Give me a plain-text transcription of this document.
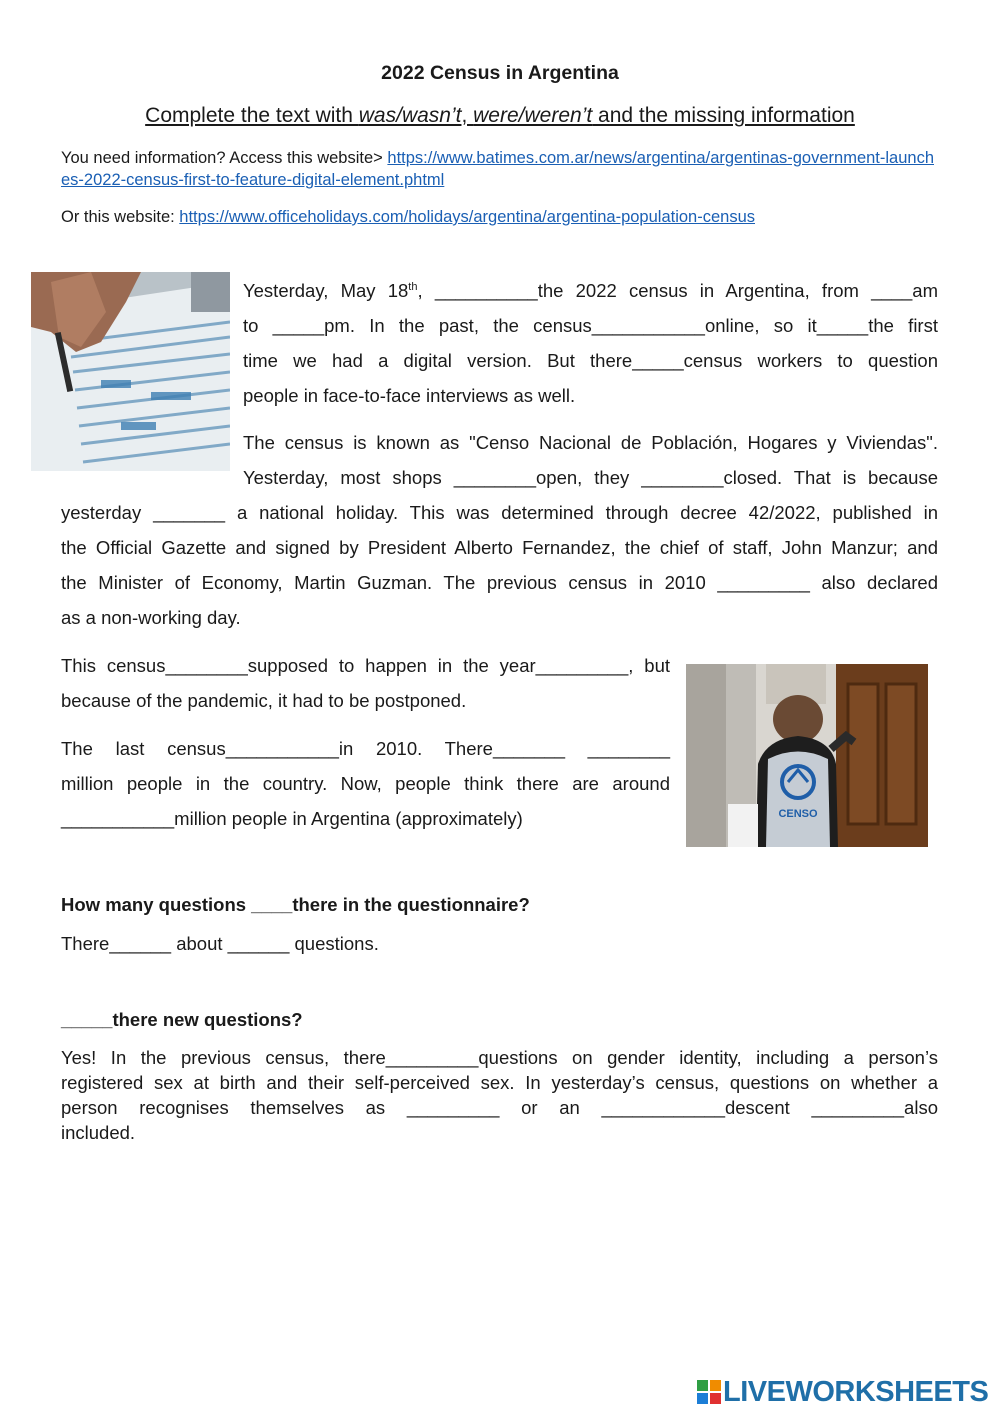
2022 Census in Argentina
Complete the text with was/wasn’t, were/weren’t and the missing information
You need information? Access this website> https://www.batimes.com.ar/news/argentina/argentinas-government-launches-2022-census-first-to-feature-digital-element.phtml
Or this website: https://www.officeholidays.com/holidays/argentina/argentina-population-census
Yesterday, May 18th, __________the 2022 census in Argentina, from ____am
to _____pm. In the past, the census___________online, so it_____the first
time we had a digital version. But there_____census workers to question
people in face-to-face interviews as well.
The census is known as "Censo Nacional de Población, Hogares y Viviendas".
Yesterday, most shops ________open, they ________closed. That is because
yesterday _______ a national holiday. This was determined through decree 42/2022, published in
the Official Gazette and signed by President Alberto Fernandez, the chief of staff, John Manzur; and
the Minister of Economy, Martin Guzman. The previous census in 2010 _________ also declared
as a non-working day.
This census________supposed to happen in the year_________, but
because of the pandemic, it had to be postponed.
The last census___________in 2010. There_______ ________
million people in the country. Now, people think there are around
___________million people in Argentina (approximately)	CENSO
How many questions ____there in the questionnaire?
There______ about ______ questions.
_____there new questions?
Yes! In the previous census, there_________questions on gender identity, including a person’s
registered sex at birth and their self-perceived sex. In yesterday’s census, questions on whether a
person recognises themselves as _________ or an ____________descent _________also
included.
LIVEWORKSHEETS
